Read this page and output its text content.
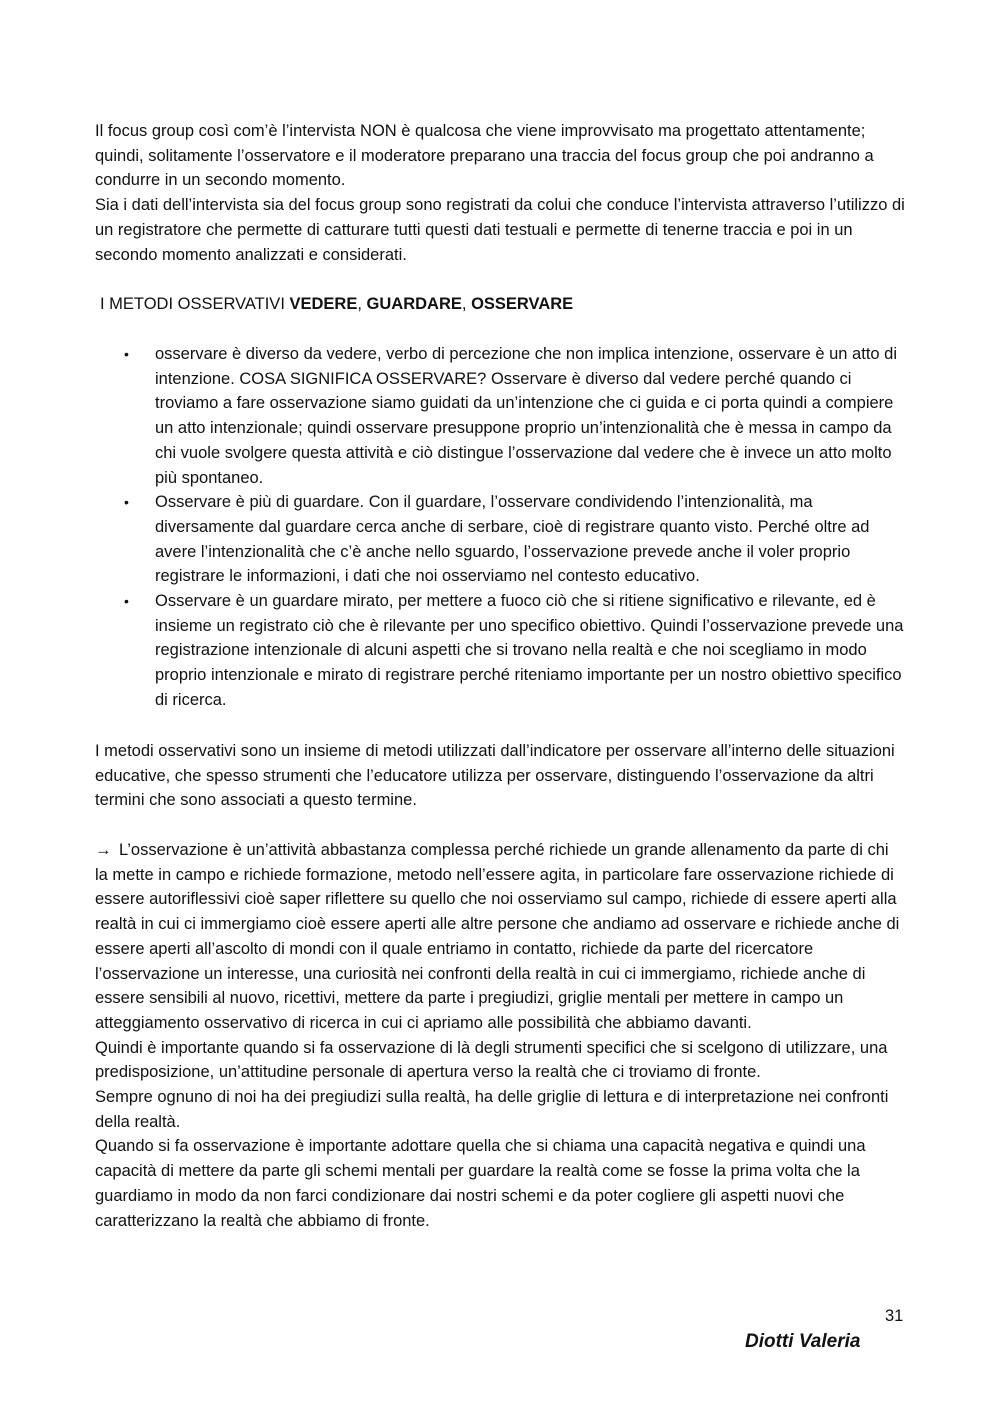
Il focus group così com’è l’intervista NON è qualcosa che viene improvvisato ma progettato attentamente; quindi, solitamente l’osservatore e il moderatore preparano una traccia del focus group che poi andranno a condurre in un secondo momento.
Sia i dati dell’intervista sia del focus group sono registrati da colui che conduce l’intervista attraverso l’utilizzo di un registratore che permette di catturare tutti questi dati testuali e permette di tenerne traccia e poi in un secondo momento analizzati e considerati.
I METODI OSSERVATIVI VEDERE, GUARDARE, OSSERVARE
• osservare è diverso da vedere, verbo di percezione che non implica intenzione, osservare è un atto di intenzione. COSA SIGNIFICA OSSERVARE? Osservare è diverso dal vedere perché quando ci troviamo a fare osservazione siamo guidati da un’intenzione che ci guida e ci porta quindi a compiere un atto intenzionale; quindi osservare presuppone proprio un’intenzionalità che è messa in campo da chi vuole svolgere questa attività e ciò distingue l’osservazione dal vedere che è invece un atto molto più spontaneo.
• Osservare è più di guardare. Con il guardare, l’osservare condividendo l’intenzionalità, ma diversamente dal guardare cerca anche di serbare, cioè di registrare quanto visto. Perché oltre ad avere l’intenzionalità che c’è anche nello sguardo, l’osservazione prevede anche il voler proprio registrare le informazioni, i dati che noi osserviamo nel contesto educativo.
• Osservare è un guardare mirato, per mettere a fuoco ciò che si ritiene significativo e rilevante, ed è insieme un registrato ciò che è rilevante per uno specifico obiettivo. Quindi l’osservazione prevede una registrazione intenzionale di alcuni aspetti che si trovano nella realtà e che noi scegliamo in modo proprio intenzionale e mirato di registrare perché riteniamo importante per un nostro obiettivo specifico di ricerca.
I metodi osservativi sono un insieme di metodi utilizzati dall’indicatore per osservare all’interno delle situazioni educative, che spesso strumenti che l’educatore utilizza per osservare, distinguendo l’osservazione da altri termini che sono associati a questo termine.
→ L’osservazione è un’attività abbastanza complessa perché richiede un grande allenamento da parte di chi la mette in campo e richiede formazione, metodo nell’essere agita, in particolare fare osservazione richiede di essere autoriflessivi cioè saper riflettere su quello che noi osserviamo sul campo, richiede di essere aperti alla realtà in cui ci immergiamo cioè essere aperti alle altre persone che andiamo ad osservare e richiede anche di essere aperti all’ascolto di mondi con il quale entriamo in contatto, richiede da parte del ricercatore l’osservazione un interesse, una curiosità nei confronti della realtà in cui ci immergiamo, richiede anche di essere sensibili al nuovo, ricettivi, mettere da parte i pregiudizi, griglie mentali per mettere in campo un atteggiamento osservativo di ricerca in cui ci apriamo alle possibilità che abbiamo davanti.
Quindi è importante quando si fa osservazione di là degli strumenti specifici che si scelgono di utilizzare, una predisposizione, un’attitudine personale di apertura verso la realtà che ci troviamo di fronte.
Sempre ognuno di noi ha dei pregiudizi sulla realtà, ha delle griglie di lettura e di interpretazione nei confronti della realtà.
Quando si fa osservazione è importante adottare quella che si chiama una capacità negativa e quindi una capacità di mettere da parte gli schemi mentali per guardare la realtà come se fosse la prima volta che la guardiamo in modo da non farci condizionare dai nostri schemi e da poter cogliere gli aspetti nuovi che caratterizzano la realtà che abbiamo di fronte.
31
Diotti Valeria
